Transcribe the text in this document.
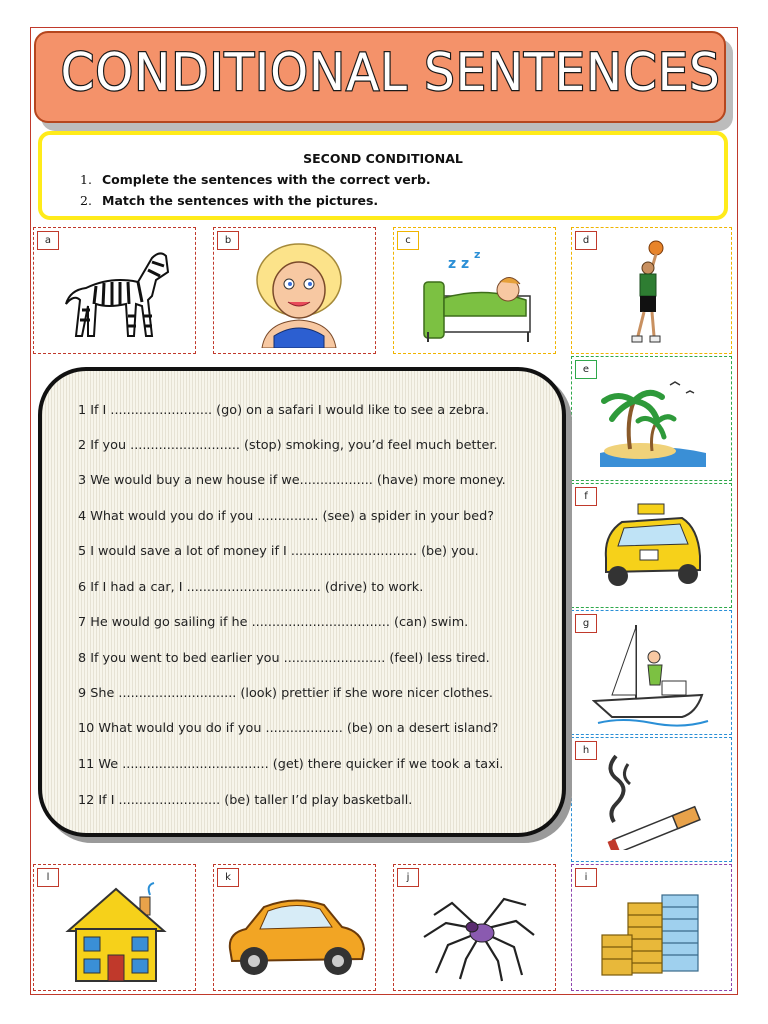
CONDITIONAL SENTENCES
SECOND CONDITIONAL
1. Complete the sentences with the correct verb.
2. Match the sentences with the pictures.
a	b	c
z z
z
d
e
f
g
h
l	k	j	i
1 If I ......................... (go) on a safari I would like to see a zebra.
2 If you ........................... (stop) smoking, you’d feel much better.
3 We would buy a new house if we.................. (have) more money.
4 What would you do if you ............... (see) a spider in your bed?
5 I would save a lot of money if I ............................... (be) you.
6 If I had a car, I ................................. (drive) to work.
7 He would go sailing if he .................................. (can) swim.
8 If you went to bed earlier you ......................... (feel) less tired.
9 She ............................. (look) prettier if she wore nicer clothes.
10 What would you do if you ................... (be) on a desert island?
11 We .................................... (get) there quicker if we took a taxi.
12 If I ......................... (be) taller I’d play basketball.
